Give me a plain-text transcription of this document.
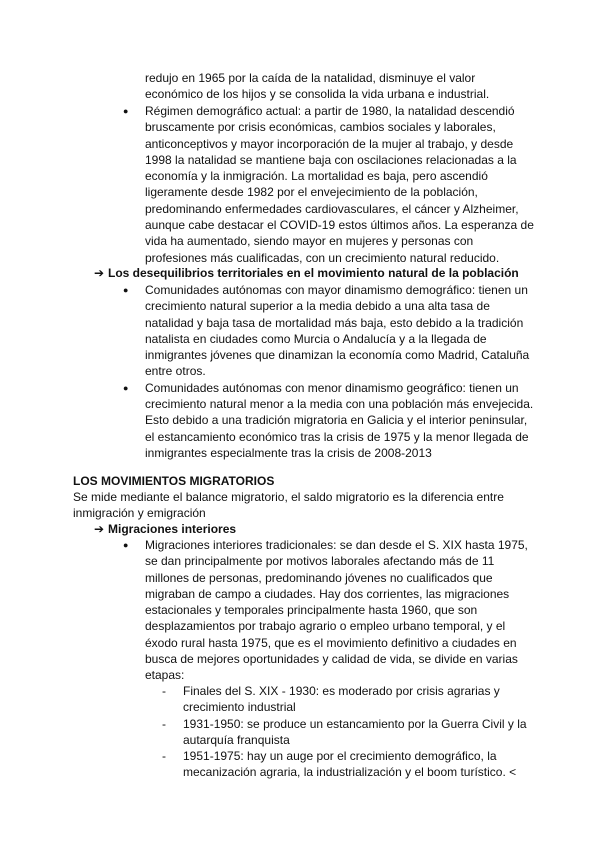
redujo en 1965 por la caída de la natalidad, disminuye el valor económico de los hijos y se consolida la vida urbana e industrial.

● Régimen demográfico actual: a partir de 1980, la natalidad descendió bruscamente por crisis económicas, cambios sociales y laborales, anticonceptivos y mayor incorporación de la mujer al trabajo, y desde 1998 la natalidad se mantiene baja con oscilaciones relacionadas a la economía y la inmigración. La mortalidad es baja, pero ascendió ligeramente desde 1982 por el envejecimiento de la población, predominando enfermedades cardiovasculares, el cáncer y Alzheimer, aunque cabe destacar el COVID-19 estos últimos años. La esperanza de vida ha aumentado, siendo mayor en mujeres y personas con profesiones más cualificadas, con un crecimiento natural reducido.

➔ Los desequilibrios territoriales en el movimiento natural de la población

● Comunidades autónomas con mayor dinamismo demográfico: tienen un crecimiento natural superior a la media debido a una alta tasa de natalidad y baja tasa de mortalidad más baja, esto debido a la tradición natalista en ciudades como Murcia o Andalucía y a la llegada de inmigrantes jóvenes que dinamizan la economía como Madrid, Cataluña entre otros.
● Comunidades autónomas con menor dinamismo geográfico: tienen un crecimiento natural menor a la media con una población más envejecida. Esto debido a una tradición migratoria en Galicia y el interior peninsular, el estancamiento económico tras la crisis de 1975 y la menor llegada de inmigrantes especialmente tras la crisis de 2008-2013
LOS MOVIMIENTOS MIGRATORIOS

Se mide mediante el balance migratorio, el saldo migratorio es la diferencia entre inmigración y emigración

➔ Migraciones interiores

● Migraciones interiores tradicionales: se dan desde el S. XIX hasta 1975, se dan principalmente por motivos laborales afectando más de 11 millones de personas, predominando jóvenes no cualificados que migraban de campo a ciudades. Hay dos corrientes, las migraciones estacionales y temporales principalmente hasta 1960, que son desplazamientos por trabajo agrario o empleo urbano temporal, y el éxodo rural hasta 1975, que es el movimiento definitivo a ciudades en busca de mejores oportunidades y calidad de vida, se divide en varias etapas:
- Finales del S. XIX - 1930: es moderado por crisis agrarias y crecimiento industrial
- 1931-1950: se produce un estancamiento por la Guerra Civil y la autarquía franquista
- 1951-1975: hay un auge por el crecimiento demográfico, la mecanización agraria, la industrialización y el boom turístico. <
